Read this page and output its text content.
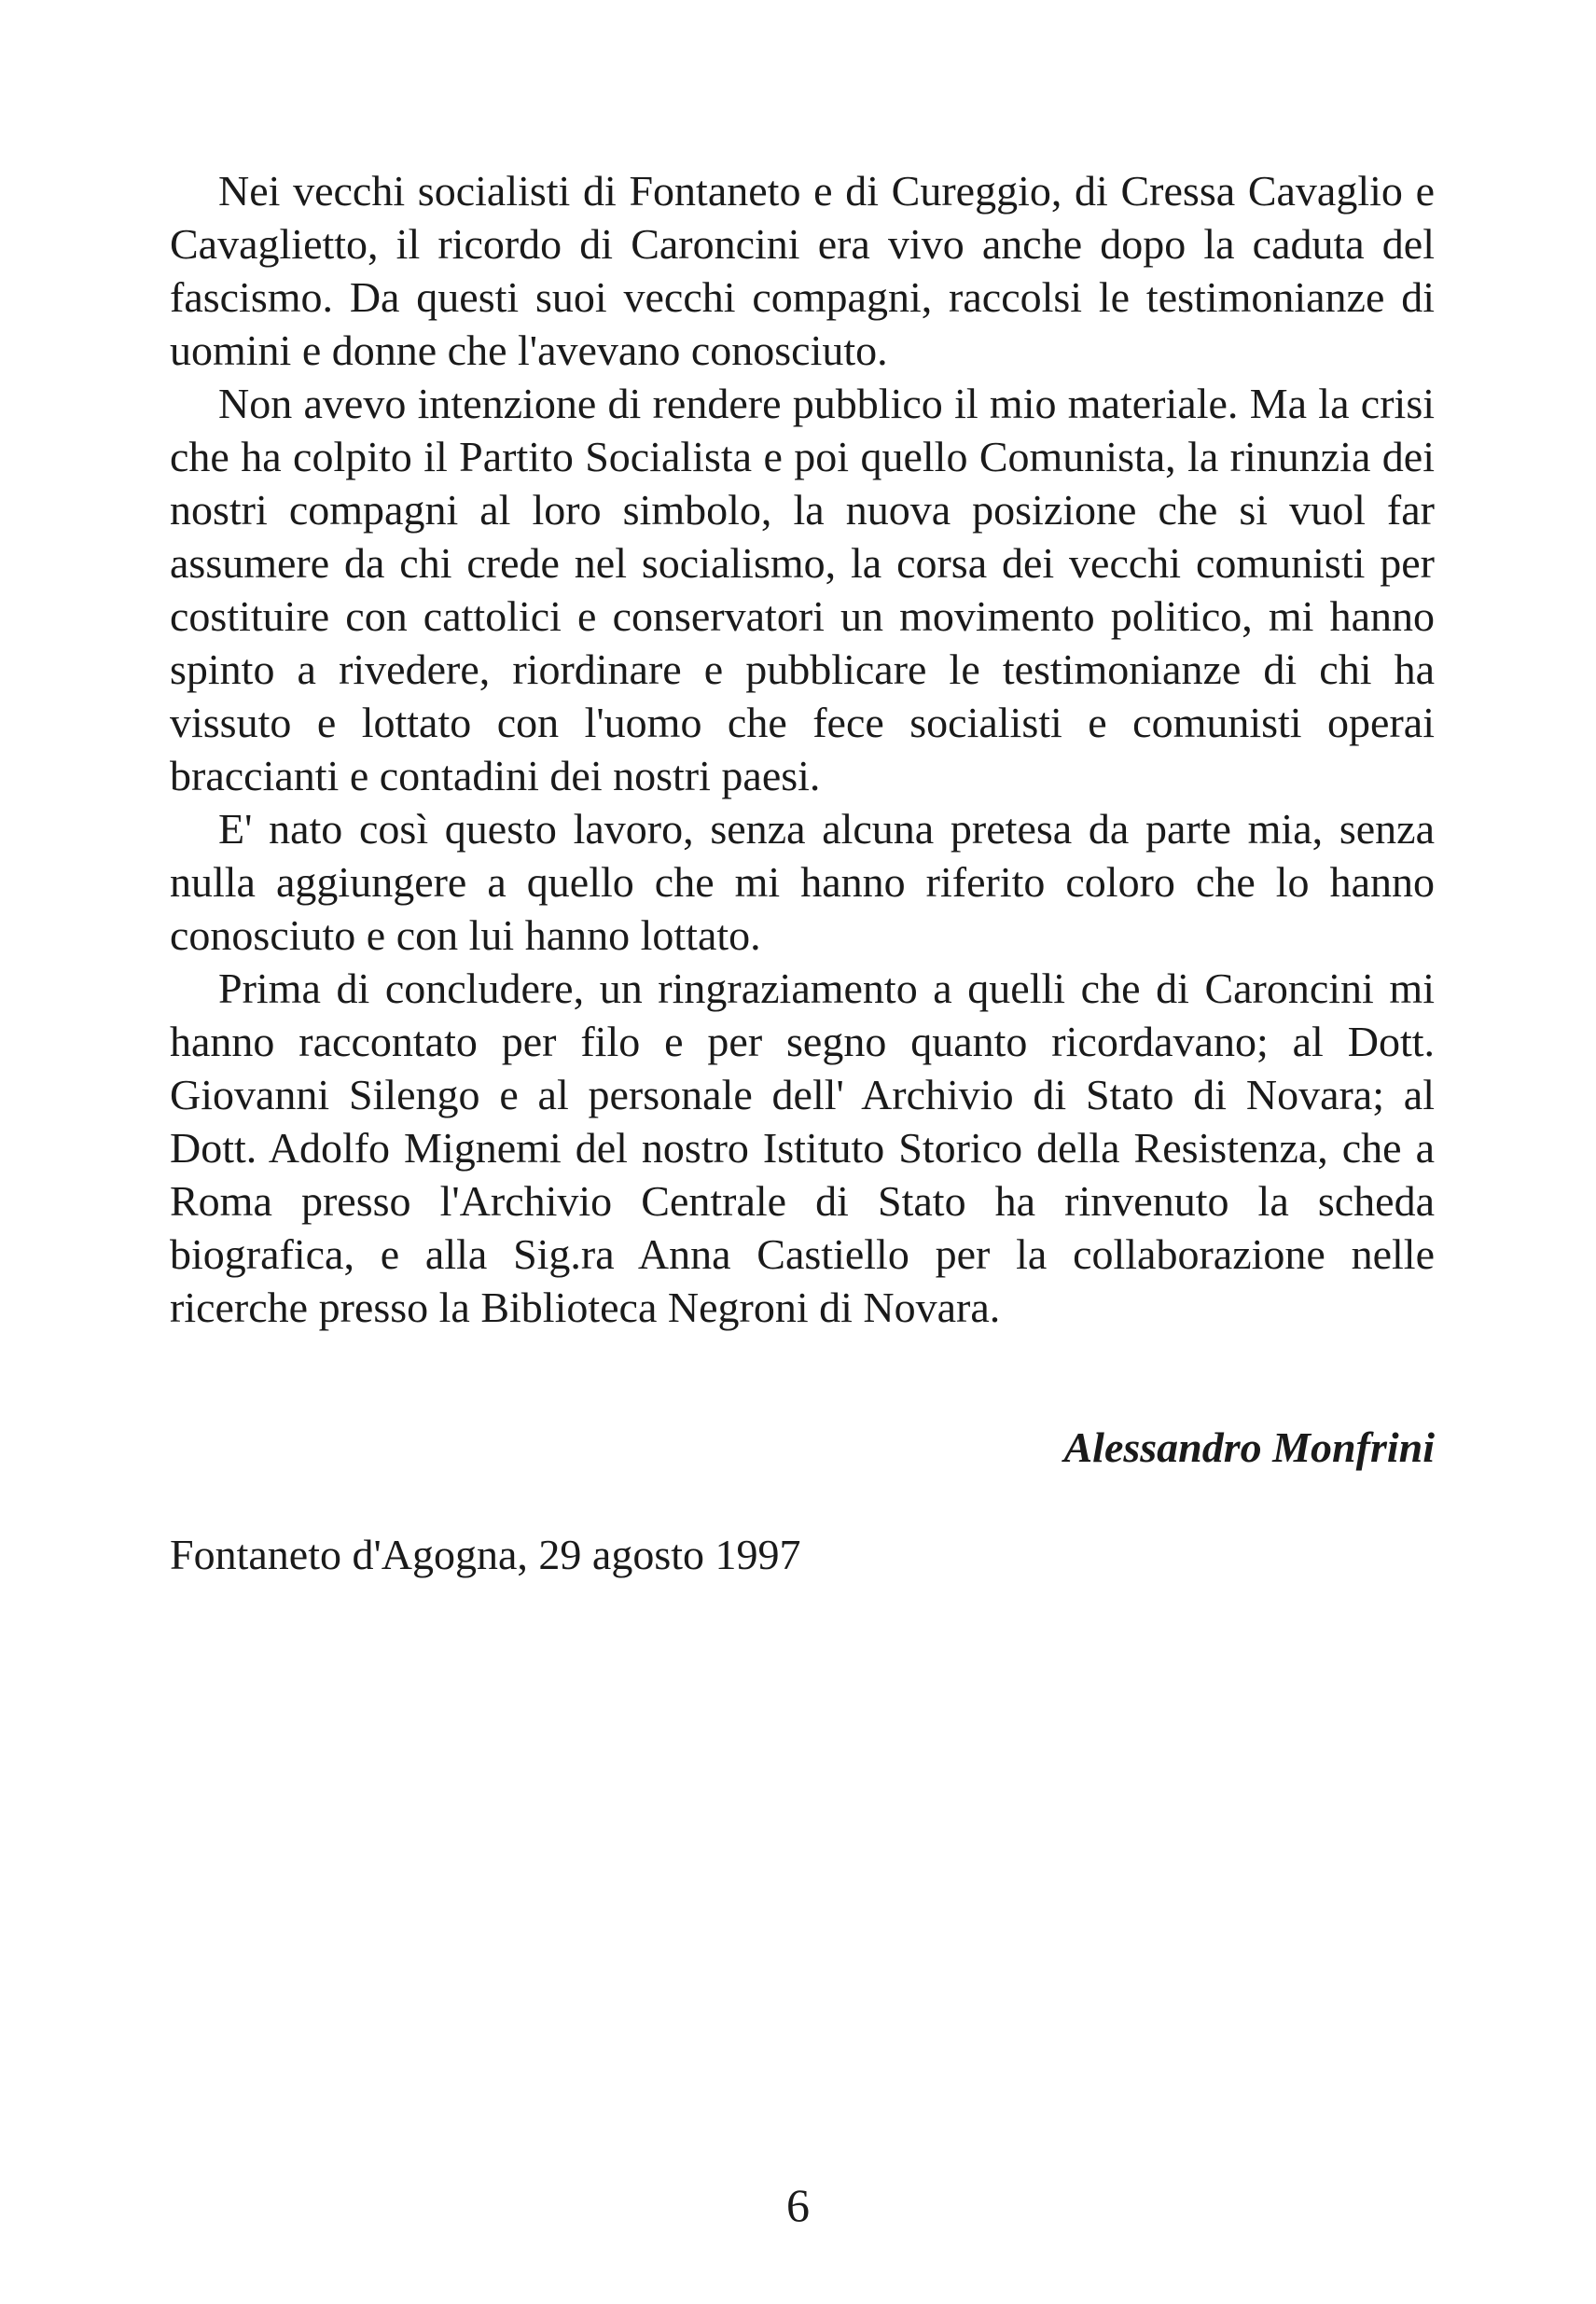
Nei vecchi socialisti di Fontaneto e di Cureggio, di Cressa Cavaglio e Cavaglietto, il ricordo di Caroncini era vivo anche dopo la caduta del fascismo. Da questi suoi vecchi compagni, raccolsi le testimonianze di uomini e donne che l'avevano conosciuto.

Non avevo intenzione di rendere pubblico il mio materiale. Ma la crisi che ha colpito il Partito Socialista e poi quello Comunista, la rinunzia dei nostri compagni al loro simbolo, la nuova posizione che si vuol far assumere da chi crede nel socialismo, la corsa dei vecchi comunisti per costituire con cattolici e conservatori un movimento politico, mi hanno spinto a rivedere, riordinare e pubblicare le testimonianze di chi ha vissuto e lottato con l'uomo che fece socialisti e comunisti operai braccianti e contadini dei nostri paesi.

E' nato così questo lavoro, senza alcuna pretesa da parte mia, senza nulla aggiungere a quello che mi hanno riferito coloro che lo hanno conosciuto e con lui hanno lottato.

Prima di concludere, un ringraziamento a quelli che di Caroncini mi hanno raccontato per filo e per segno quanto ricordavano; al Dott. Giovanni Silengo e al personale dell' Archivio di Stato di Novara; al Dott. Adolfo Mignemi del nostro Istituto Storico della Resistenza, che a Roma presso l'Archivio Centrale di Stato ha rinvenuto la scheda biografica, e alla Sig.ra Anna Castiello per la collaborazione nelle ricerche presso la Biblioteca Negroni di Novara.

Alessandro Monfrini
Fontaneto d'Agogna, 29 agosto 1997
6
